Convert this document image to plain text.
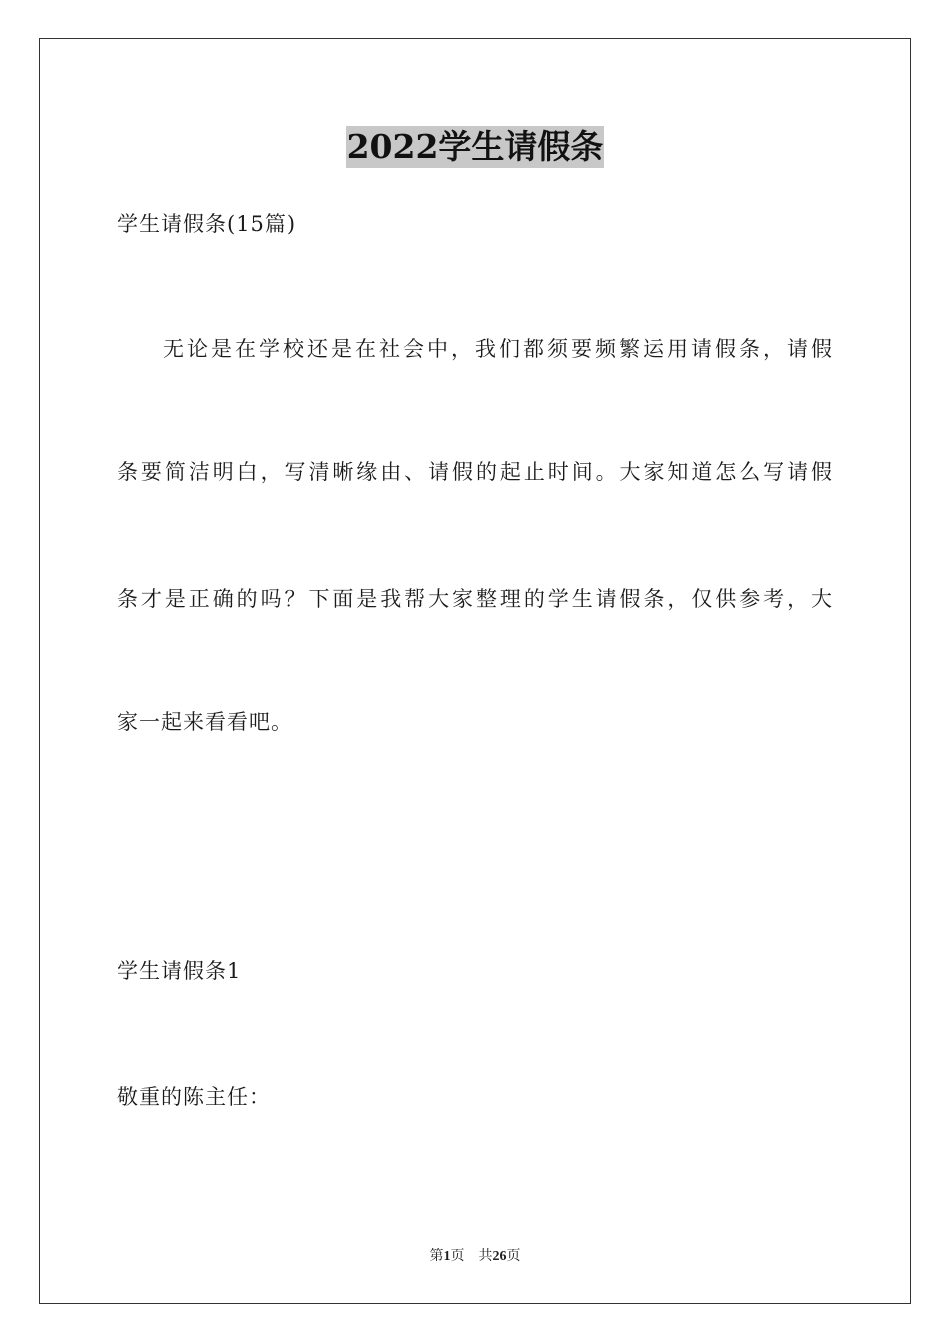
2022学生请假条
学生请假条(15篇)
无论是在学校还是在社会中，我们都须要频繁运用请假条，请假
条要简洁明白，写清晰缘由、请假的起止时间。大家知道怎么写请假
条才是正确的吗？下面是我帮大家整理的学生请假条，仅供参考，大
家一起来看看吧。
学生请假条1
敬重的陈主任：
第1页 共26页
